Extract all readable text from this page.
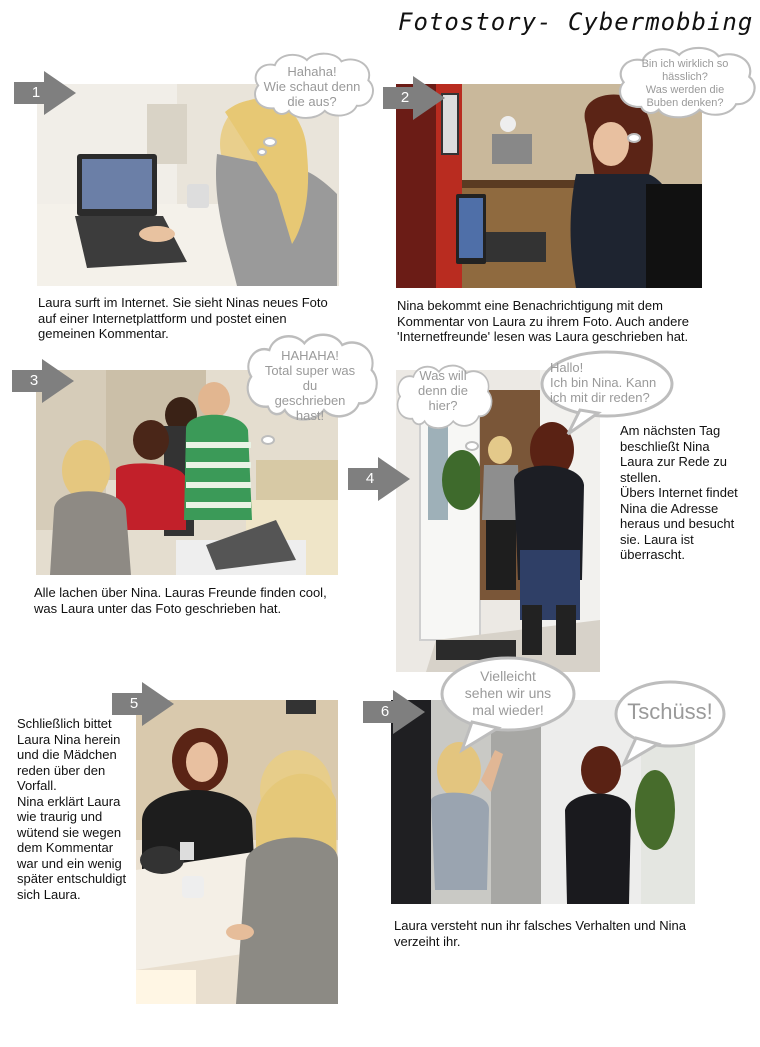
Fotostory- Cybermobbing
1
Hahaha!
Wie schaut denn
die aus?
Laura surft im Internet. Sie sieht Ninas neues Foto
auf einer Internetplattform und postet einen
gemeinen Kommentar.
2
Bin ich wirklich so
hässlich?
Was werden die
Buben denken?
Nina bekommt eine Benachrichtigung mit dem
Kommentar von Laura zu ihrem Foto. Auch andere
'Internetfreunde' lesen was Laura geschrieben hat.
3
HAHAHA!
Total super was
du
geschrieben
hast!
Alle lachen über Nina. Lauras Freunde finden cool,
was Laura unter das Foto geschrieben hat.
4
Was will
denn die
hier?
Hallo!
Ich bin Nina. Kann
ich mit dir reden?
Am nächsten Tag
beschließt Nina
Laura zur Rede zu
stellen.
Übers Internet findet
Nina die Adresse
heraus und besucht
sie. Laura ist
überrascht.
5
Schließlich bittet
Laura Nina herein
und die Mädchen
reden über den
Vorfall.
Nina erklärt Laura
wie traurig und
wütend sie wegen
dem Kommentar
war und ein wenig
später entschuldigt
sich Laura.
6
Vielleicht
sehen wir uns
mal wieder!	Tschüss!
Laura versteht nun ihr falsches Verhalten und Nina
verzeiht ihr.
